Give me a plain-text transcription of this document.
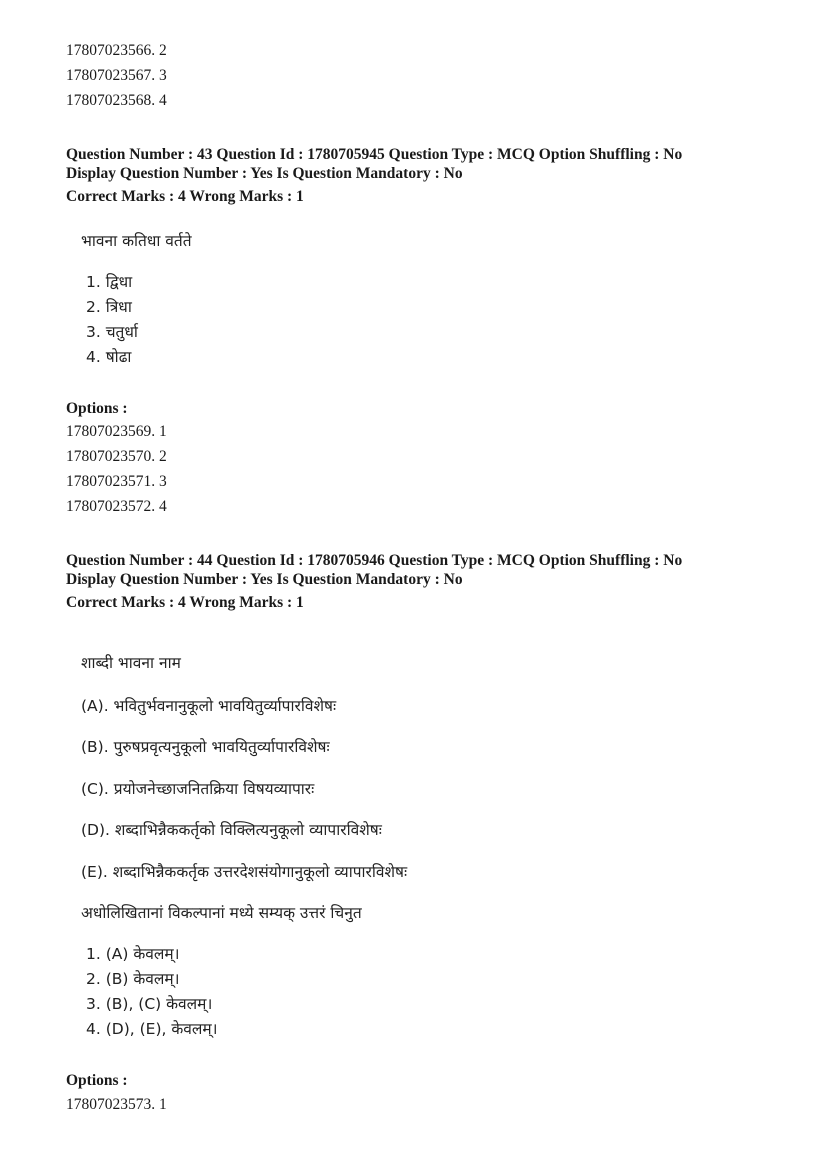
17807023566. 2
17807023567. 3
17807023568. 4
Question Number : 43 Question Id : 1780705945 Question Type : MCQ Option Shuffling : No
Display Question Number : Yes Is Question Mandatory : No
Correct Marks : 4 Wrong Marks : 1
भावना कतिधा वर्तते
1. द्विधा
2. त्रिधा
3. चतुर्धा
4. षोढा
Options :
17807023569. 1
17807023570. 2
17807023571. 3
17807023572. 4
Question Number : 44 Question Id : 1780705946 Question Type : MCQ Option Shuffling : No
Display Question Number : Yes Is Question Mandatory : No
Correct Marks : 4 Wrong Marks : 1
शाब्दी भावना नाम
(A). भवितुर्भवनानुकूलो भावयितुर्व्यापारविशेषः
(B). पुरुषप्रवृत्यनुकूलो भावयितुर्व्यापारविशेषः
(C). प्रयोजनेच्छाजनितक्रिया विषयव्यापारः
(D). शब्दाभिन्नैककर्तृको विक्लित्यनुकूलो व्यापारविशेषः
(E). शब्दाभिन्नैककर्तृक उत्तरदेशसंयोगानुकूलो व्यापारविशेषः
अधोलिखितानां विकल्पानां मध्ये सम्यक् उत्तरं चिनुत
1. (A) केवलम्।
2. (B) केवलम्।
3. (B), (C) केवलम्।
4. (D), (E), केवलम्।
Options :
17807023573. 1
